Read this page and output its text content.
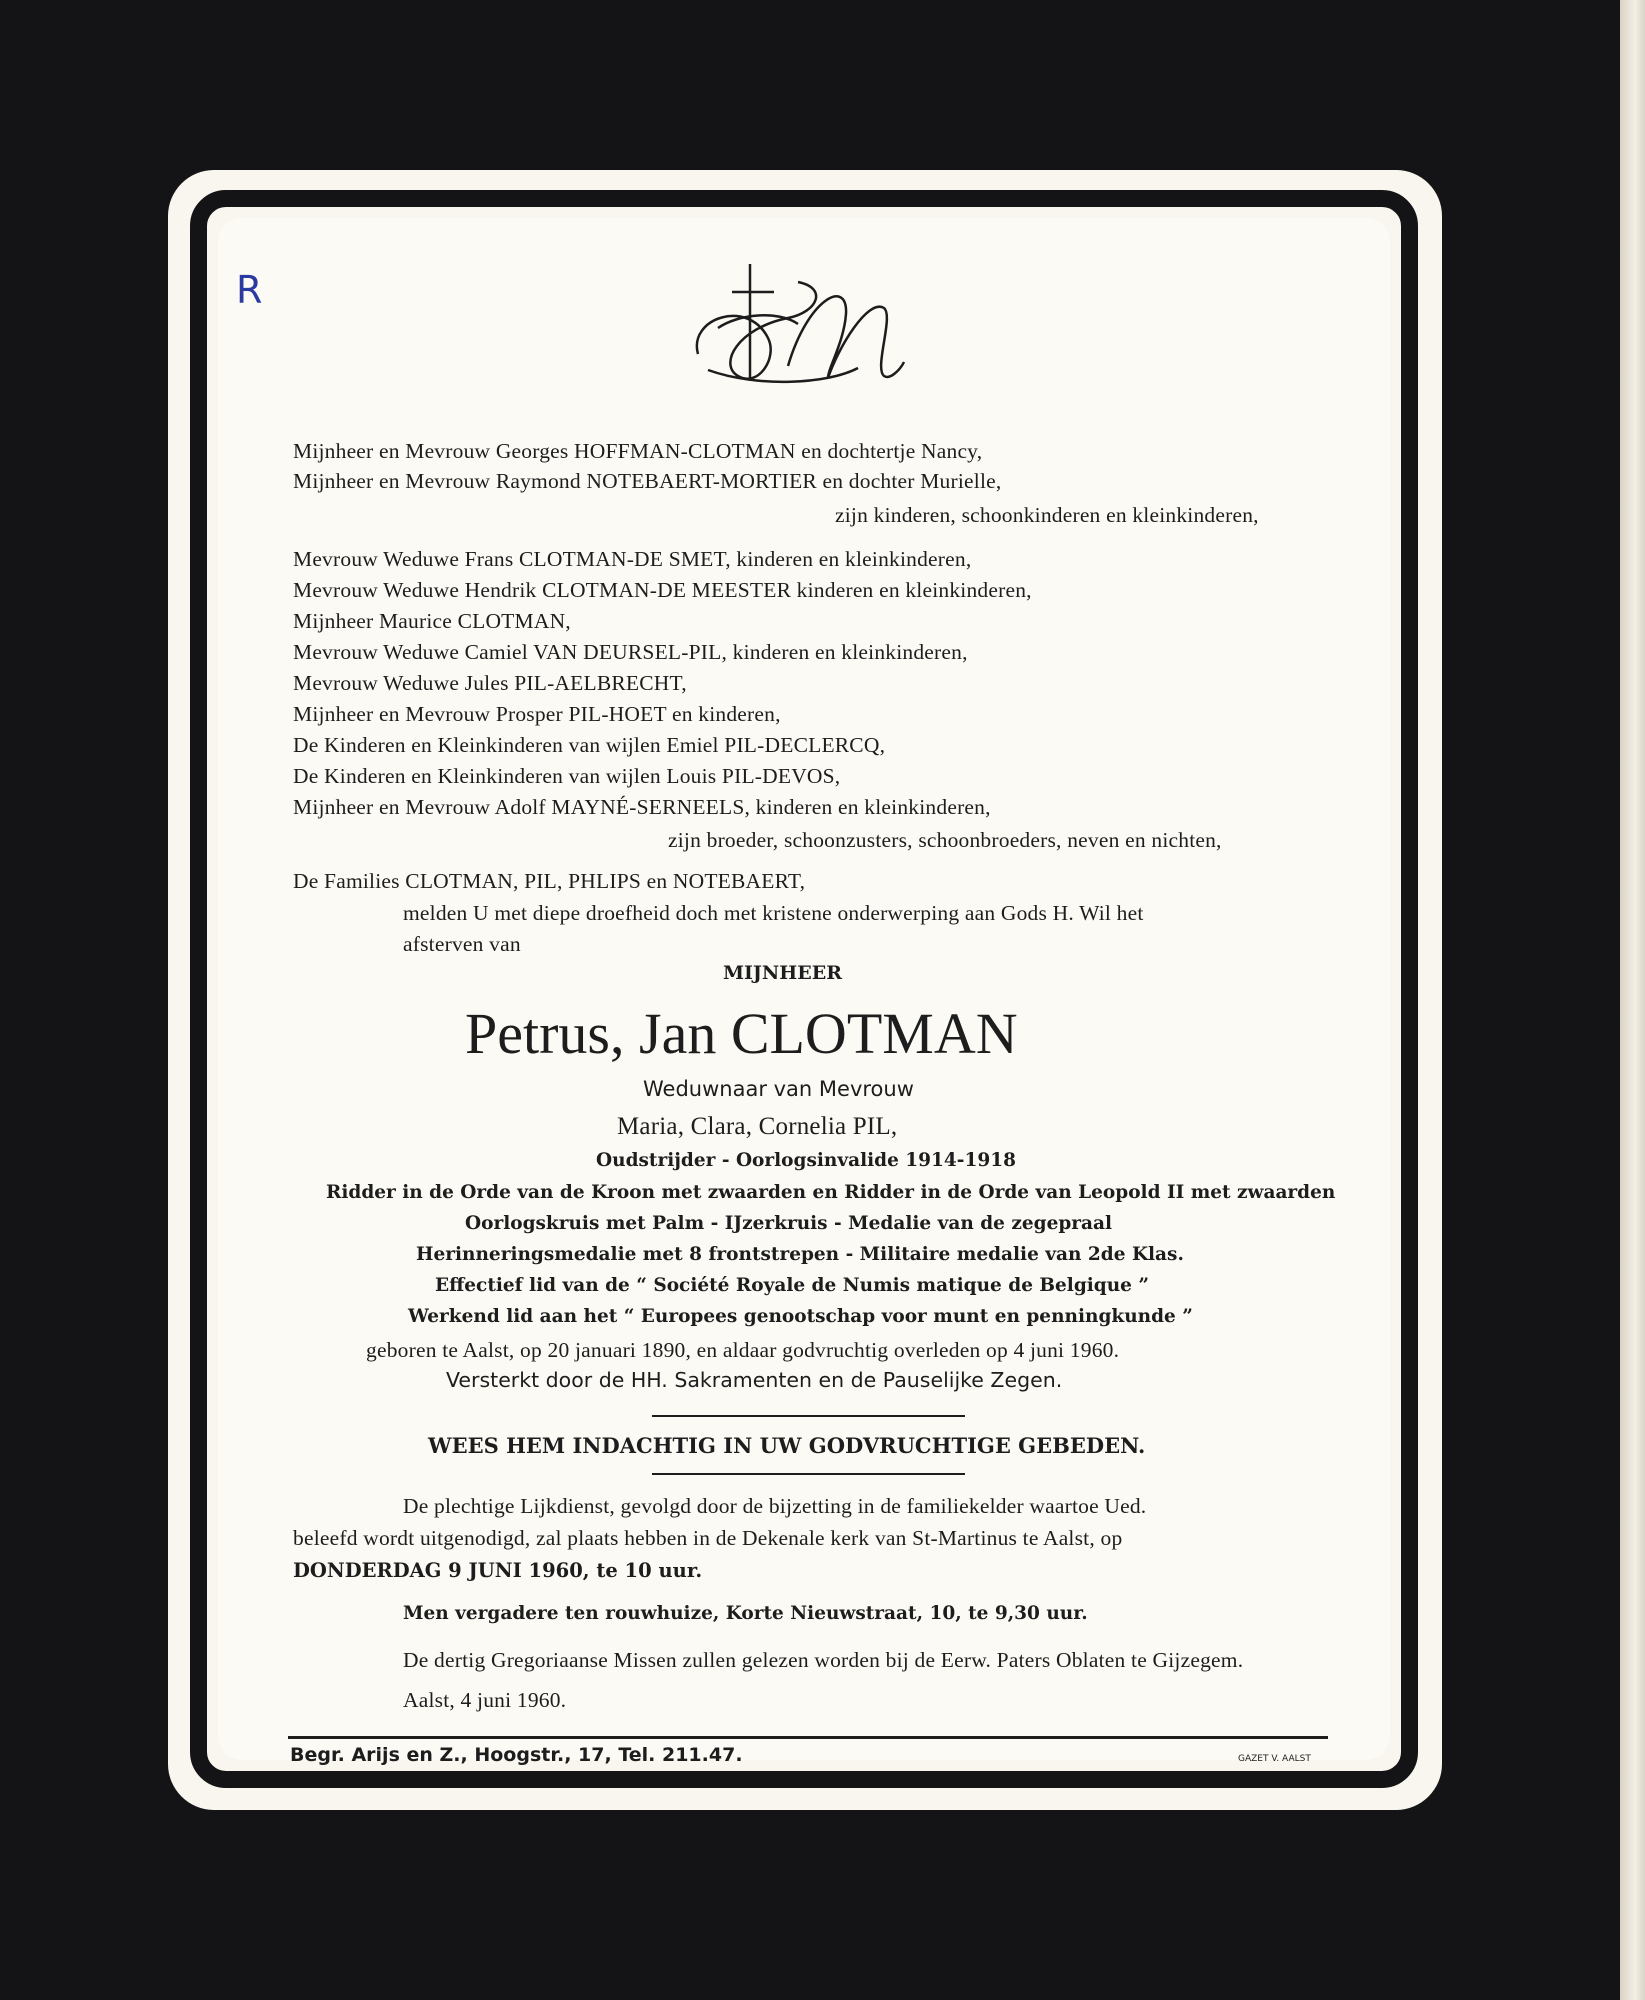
R
Mijnheer en Mevrouw Georges HOFFMAN-CLOTMAN en dochtertje Nancy,
Mijnheer en Mevrouw Raymond NOTEBAERT-MORTIER en dochter Murielle,
zijn kinderen, schoonkinderen en kleinkinderen,
Mevrouw Weduwe Frans CLOTMAN-DE SMET, kinderen en kleinkinderen,
Mevrouw Weduwe Hendrik CLOTMAN-DE MEESTER kinderen en kleinkinderen,
Mijnheer Maurice CLOTMAN,
Mevrouw Weduwe Camiel VAN DEURSEL-PIL, kinderen en kleinkinderen,
Mevrouw Weduwe Jules PIL-AELBRECHT,
Mijnheer en Mevrouw Prosper PIL-HOET en kinderen,
De Kinderen en Kleinkinderen van wijlen Emiel PIL-DECLERCQ,
De Kinderen en Kleinkinderen van wijlen Louis PIL-DEVOS,
Mijnheer en Mevrouw Adolf MAYNÉ-SERNEELS, kinderen en kleinkinderen,
zijn broeder, schoonzusters, schoonbroeders, neven en nichten,
De Families CLOTMAN, PIL, PHLIPS en NOTEBAERT,
melden U met diepe droefheid doch met kristene onderwerping aan Gods H. Wil het
afsterven van
MIJNHEER
Petrus, Jan CLOTMAN
Weduwnaar van Mevrouw
Maria, Clara, Cornelia PIL,
Oudstrijder - Oorlogsinvalide 1914-1918
Ridder in de Orde van de Kroon met zwaarden en Ridder in de Orde van Leopold II met zwaarden
Oorlogskruis met Palm - IJzerkruis - Medalie van de zegepraal
Herinneringsmedalie met 8 frontstrepen - Militaire medalie van 2de Klas.
Effectief lid van de “ Société Royale de Numis matique de Belgique ”
Werkend lid aan het “ Europees genootschap voor munt en penningkunde ”
geboren te Aalst, op 20 januari 1890, en aldaar godvruchtig overleden op 4 juni 1960.
Versterkt door de HH. Sakramenten en de Pauselijke Zegen.
WEES HEM INDACHTIG IN UW GODVRUCHTIGE GEBEDEN.
De plechtige Lijkdienst, gevolgd door de bijzetting in de familiekelder waartoe Ued.
beleefd wordt uitgenodigd, zal plaats hebben in de Dekenale kerk van St-Martinus te Aalst, op
DONDERDAG 9 JUNI 1960, te 10 uur.
Men vergadere ten rouwhuize, Korte Nieuwstraat, 10, te 9,30 uur.
De dertig Gregoriaanse Missen zullen gelezen worden bij de Eerw. Paters Oblaten te Gijzegem.
Aalst, 4 juni 1960.
Begr. Arijs en Z., Hoogstr., 17, Tel. 211.47.	GAZET V. AALST
